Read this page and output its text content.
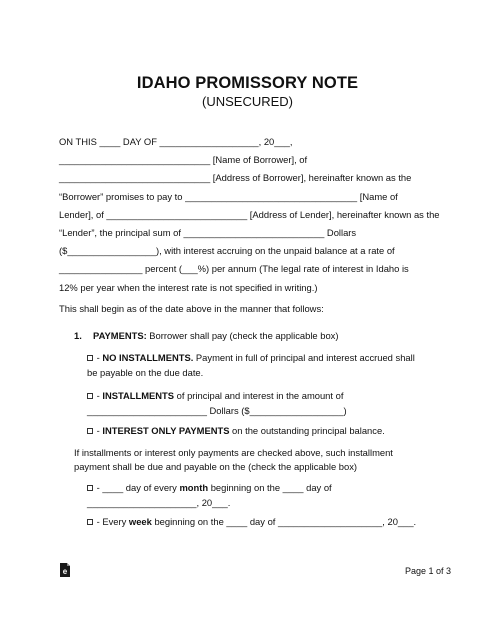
IDAHO PROMISSORY NOTE
(UNSECURED)
ON THIS ____ DAY OF ___________________, 20___,
_____________________________ [Name of Borrower], of
_____________________________ [Address of Borrower], hereinafter known as the
“Borrower” promises to pay to _________________________________ [Name of
Lender], of ___________________________ [Address of Lender], hereinafter known as the
“Lender”, the principal sum of ___________________________ Dollars
($_________________), with interest accruing on the unpaid balance at a rate of
________________ percent (___%) per annum (The legal rate of interest in Idaho is
12% per year when the interest rate is not specified in writing.)
This shall begin as of the date above in the manner that follows:
1. PAYMENTS: Borrower shall pay (check the applicable box)
- NO INSTALLMENTS. Payment in full of principal and interest accrued shall
be payable on the due date.
- INSTALLMENTS of principal and interest in the amount of
_______________________ Dollars ($__________________)
- INTEREST ONLY PAYMENTS on the outstanding principal balance.
If installments or interest only payments are checked above, such installment
payment shall be due and payable on the (check the applicable box)
- ____ day of every month beginning on the ____ day of
_____________________, 20___.
- Every week beginning on the ____ day of ____________________, 20___.
e	Page 1 of 3
